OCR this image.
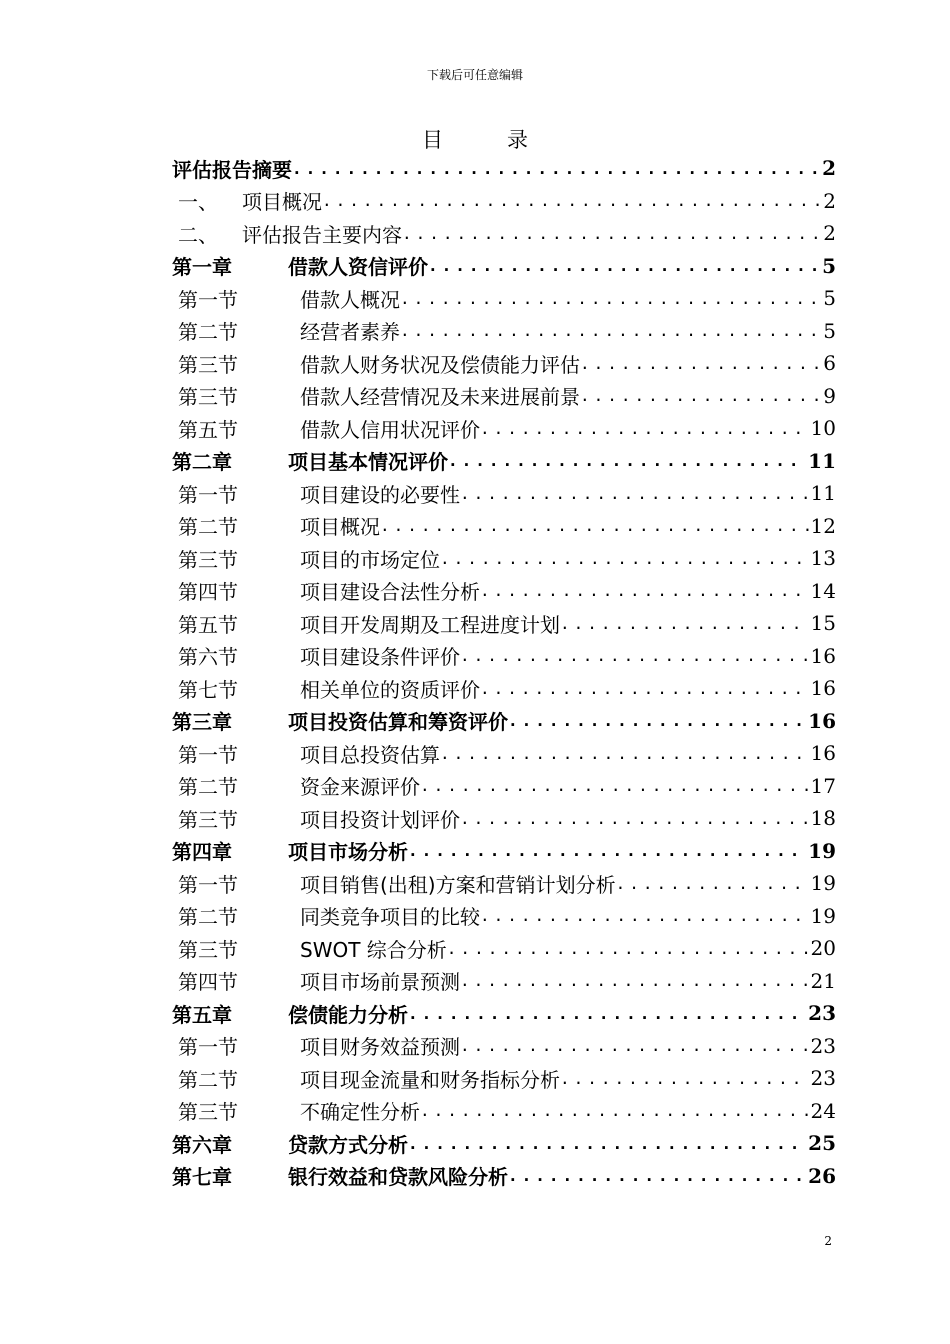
下载后可任意编辑
目录
评估报告摘要 .....	2
一、	项目概况 .....	2
二、	评估报告主要内容 .....	2
第一章	借款人资信评价 .....	5
第一节	借款人概况 .....	5
第二节	经营者素养 .....	5
第三节	借款人财务状况及偿债能力评估 .....	6
第三节	借款人经营情况及未来进展前景 .....	9
第五节	借款人信用状况评价 .....	10
第二章	项目基本情况评价 .....	11
第一节	项目建设的必要性 .....	11
第二节	项目概况 .....	12
第三节	项目的市场定位 .....	13
第四节	项目建设合法性分析 .....	14
第五节	项目开发周期及工程进度计划 .....	15
第六节	项目建设条件评价 .....	16
第七节	相关单位的资质评价 .....	16
第三章	项目投资估算和筹资评价 .....	16
第一节	项目总投资估算 .....	16
第二节	资金来源评价 .....	17
第三节	项目投资计划评价 .....	18
第四章	项目市场分析 .....	19
第一节	项目销售(出租)方案和营销计划分析 .....	19
第二节	同类竞争项目的比较 .....	19
第三节	SWOT 综合分析 .....	20
第四节	项目市场前景预测 .....	21
第五章	偿债能力分析 .....	23
第一节	项目财务效益预测 .....	23
第二节	项目现金流量和财务指标分析 .....	23
第三节	不确定性分析 .....	24
第六章	贷款方式分析 .....	25
第七章	银行效益和贷款风险分析 .....	26
2
